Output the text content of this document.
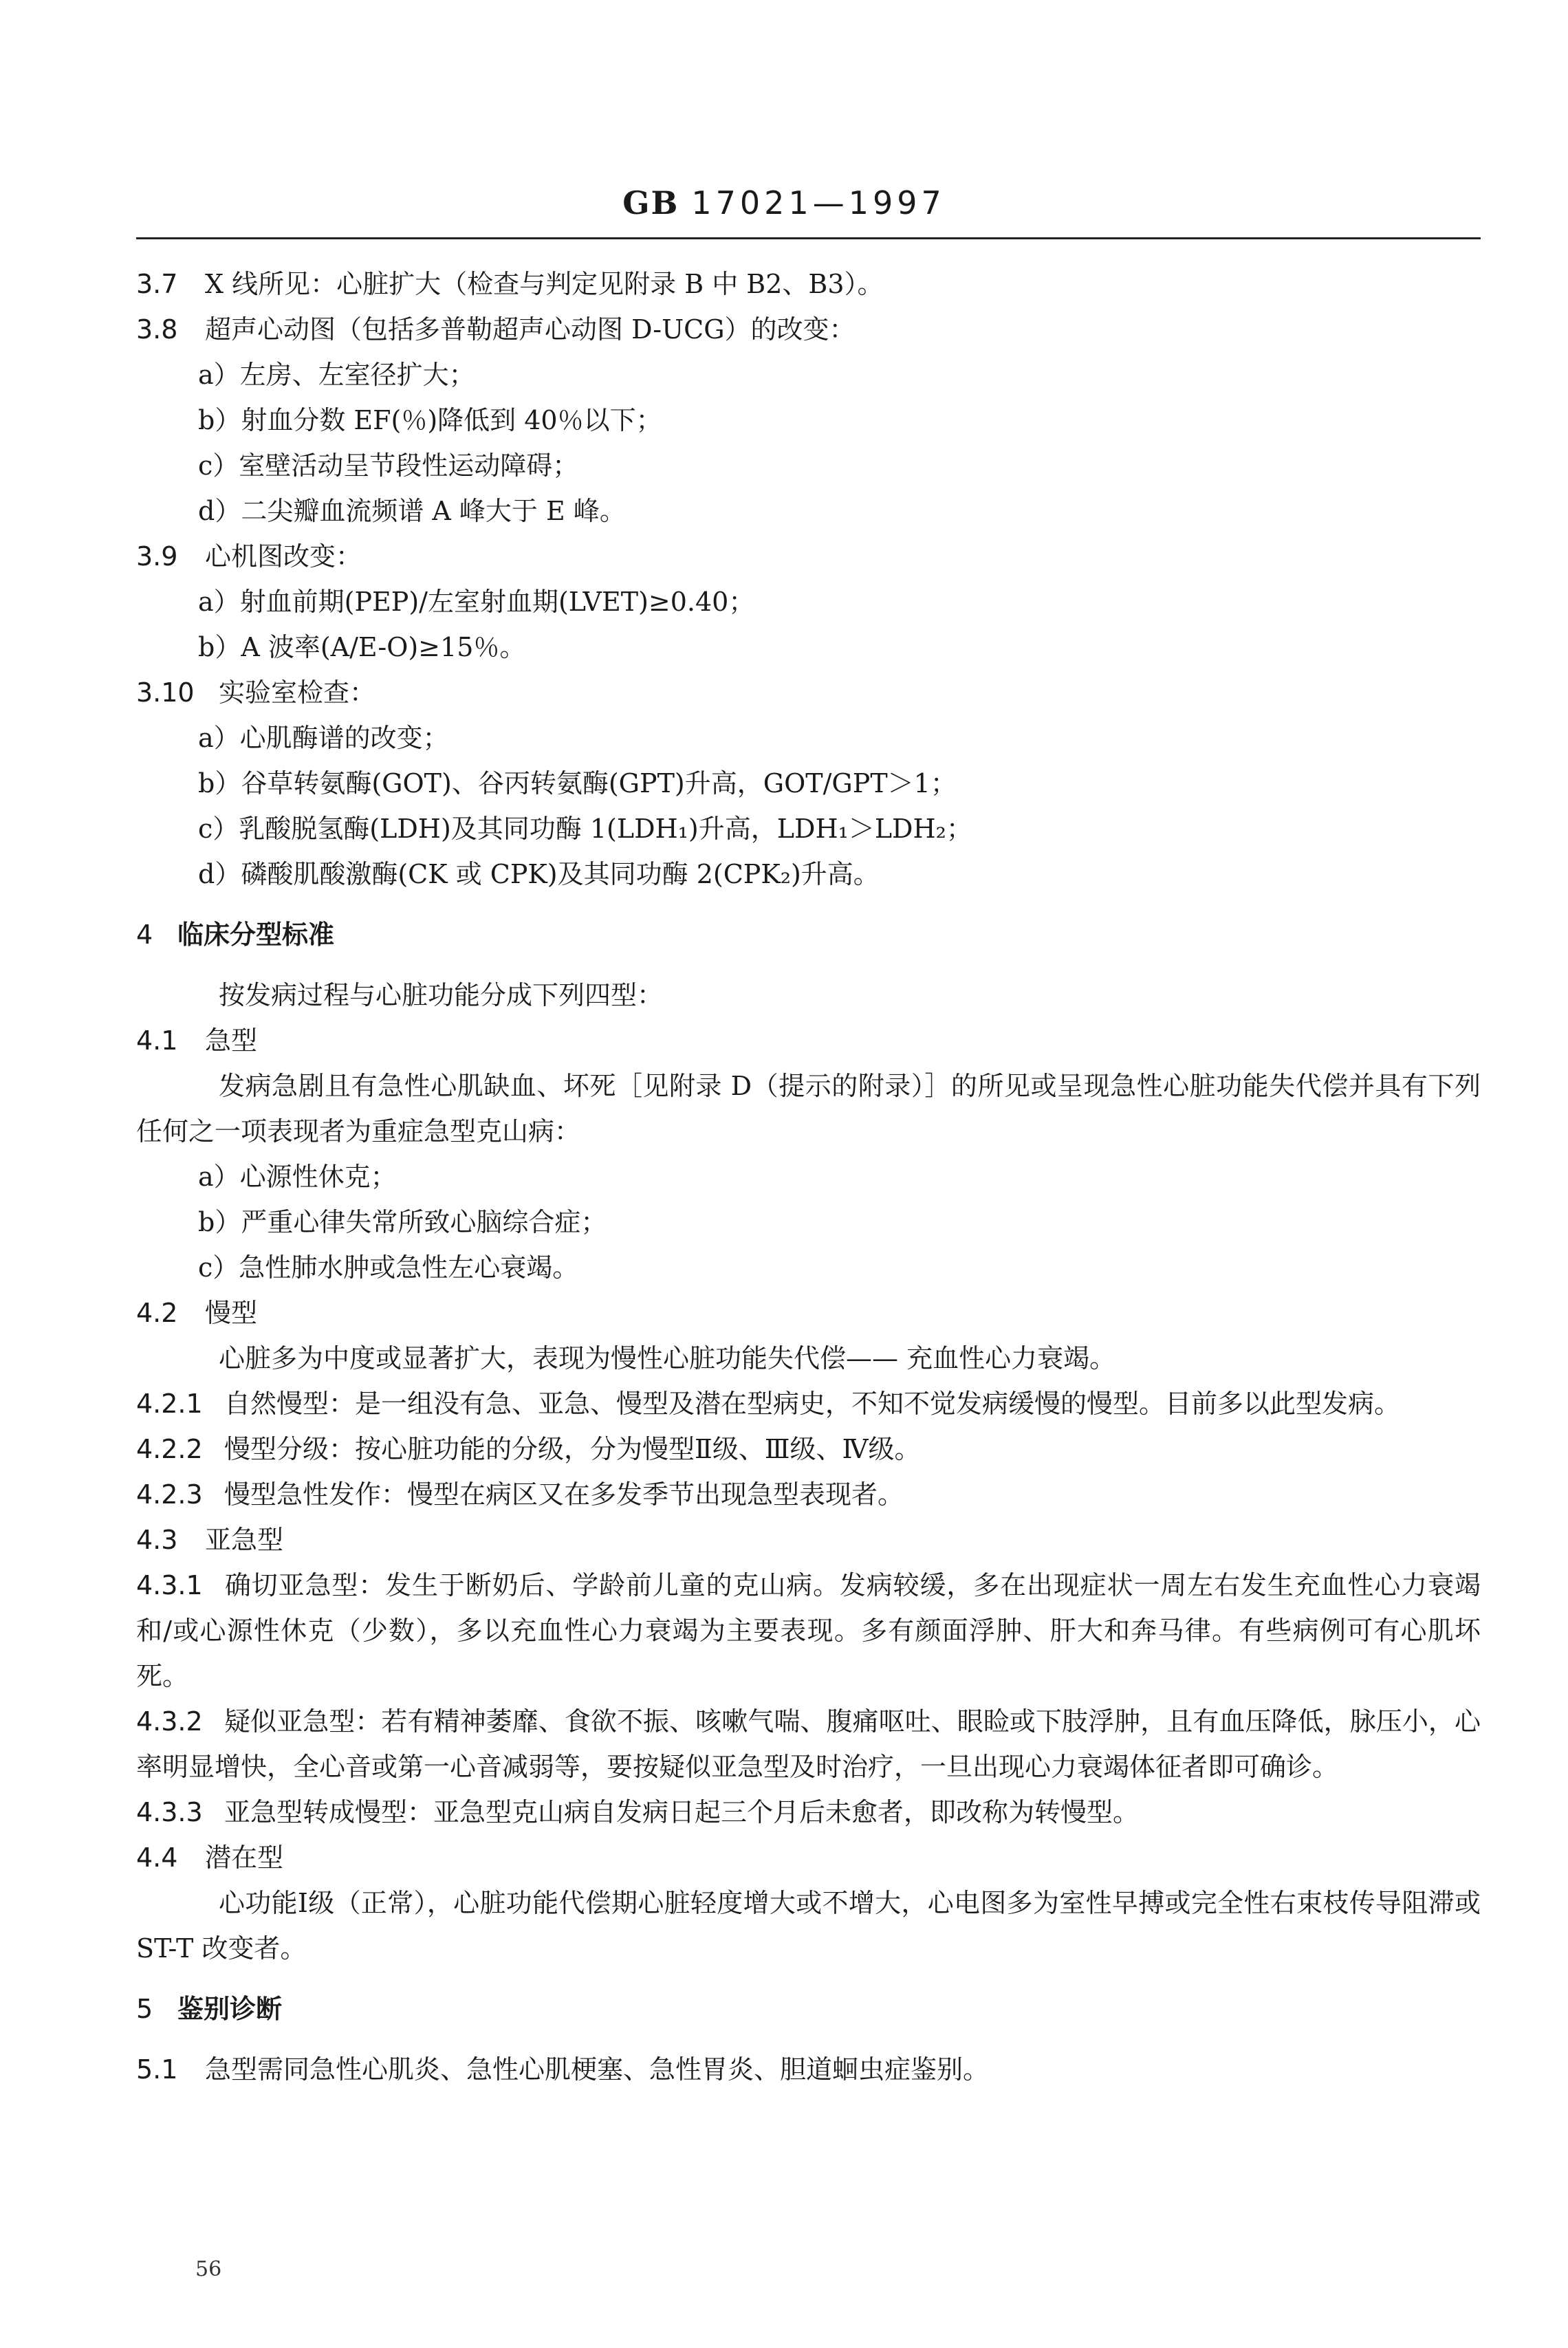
GB 17021—1997
3.7 X 线所见：心脏扩大（检查与判定见附录 B 中 B2、B3）。
3.8 超声心动图（包括多普勒超声心动图 D-UCG）的改变：
a）左房、左室径扩大；
b）射血分数 EF(％)降低到 40％以下；
c）室壁活动呈节段性运动障碍；
d）二尖瓣血流频谱 A 峰大于 E 峰。
3.9 心机图改变：
a）射血前期(PEP)/左室射血期(LVET)≥0.40；
b）A 波率(A/E-O)≥15％。
3.10 实验室检查：
a）心肌酶谱的改变；
b）谷草转氨酶(GOT)、谷丙转氨酶(GPT)升高，GOT/GPT＞1；
c）乳酸脱氢酶(LDH)及其同功酶 1(LDH₁)升高，LDH₁＞LDH₂；
d）磷酸肌酸激酶(CK 或 CPK)及其同功酶 2(CPK₂)升高。
4 临床分型标准
按发病过程与心脏功能分成下列四型：
4.1 急型
发病急剧且有急性心肌缺血、坏死［见附录 D（提示的附录）］的所见或呈现急性心脏功能失代偿并具有下列任何之一项表现者为重症急型克山病：
a）心源性休克；
b）严重心律失常所致心脑综合症；
c）急性肺水肿或急性左心衰竭。
4.2 慢型
心脏多为中度或显著扩大，表现为慢性心脏功能失代偿—— 充血性心力衰竭。
4.2.1 自然慢型：是一组没有急、亚急、慢型及潜在型病史，不知不觉发病缓慢的慢型。目前多以此型发病。
4.2.2 慢型分级：按心脏功能的分级，分为慢型Ⅱ级、Ⅲ级、Ⅳ级。
4.2.3 慢型急性发作：慢型在病区又在多发季节出现急型表现者。
4.3 亚急型
4.3.1 确切亚急型：发生于断奶后、学龄前儿童的克山病。发病较缓，多在出现症状一周左右发生充血性心力衰竭和/或心源性休克（少数），多以充血性心力衰竭为主要表现。多有颜面浮肿、肝大和奔马律。有些病例可有心肌坏死。
4.3.2 疑似亚急型：若有精神萎靡、食欲不振、咳嗽气喘、腹痛呕吐、眼睑或下肢浮肿，且有血压降低，脉压小，心率明显增快，全心音或第一心音减弱等，要按疑似亚急型及时治疗，一旦出现心力衰竭体征者即可确诊。
4.3.3 亚急型转成慢型：亚急型克山病自发病日起三个月后未愈者，即改称为转慢型。
4.4 潜在型
心功能Ⅰ级（正常），心脏功能代偿期心脏轻度增大或不增大，心电图多为室性早搏或完全性右束枝传导阻滞或 ST-T 改变者。
5 鉴别诊断
5.1 急型需同急性心肌炎、急性心肌梗塞、急性胃炎、胆道蛔虫症鉴别。
56
